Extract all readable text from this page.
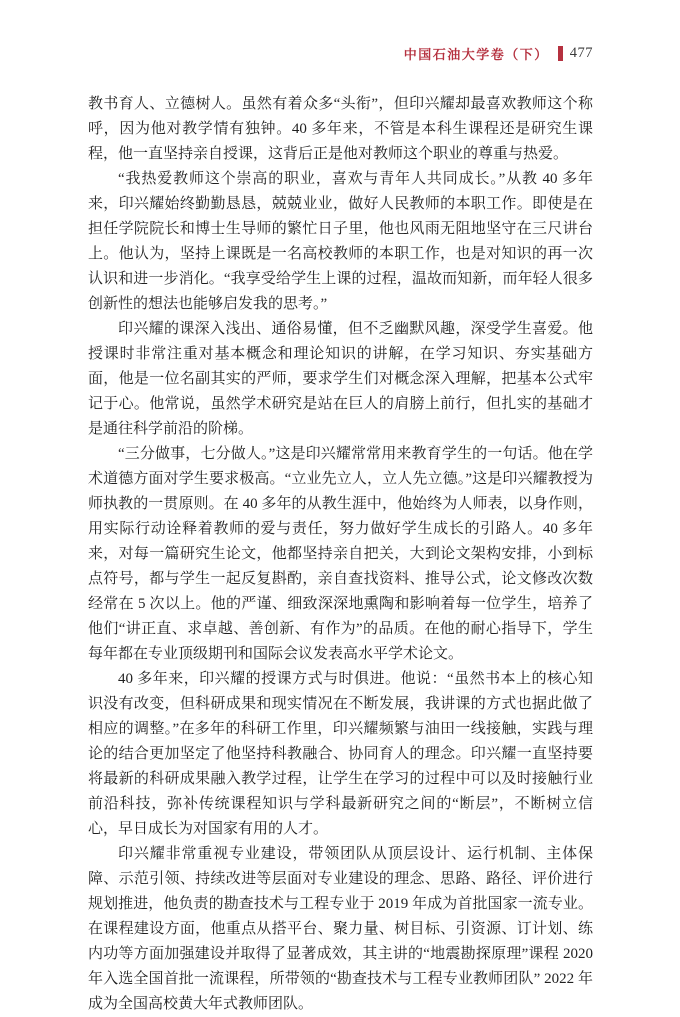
中国石油大学卷（下） 477

教书育人、立德树人。虽然有着众多“头衔”，但印兴耀却最喜欢教师这个称呼，因为他对教学情有独钟。40 多年来，不管是本科生课程还是研究生课程，他一直坚持亲自授课，这背后正是他对教师这个职业的尊重与热爱。

“我热爱教师这个崇高的职业，喜欢与青年人共同成长。”从教 40 多年来，印兴耀始终勤勤恳恳，兢兢业业，做好人民教师的本职工作。即使是在担任学院院长和博士生导师的繁忙日子里，他也风雨无阻地坚守在三尺讲台上。他认为，坚持上课既是一名高校教师的本职工作，也是对知识的再一次认识和进一步消化。“我享受给学生上课的过程，温故而知新，而年轻人很多创新性的想法也能够启发我的思考。”

印兴耀的课深入浅出、通俗易懂，但不乏幽默风趣，深受学生喜爱。他授课时非常注重对基本概念和理论知识的讲解，在学习知识、夯实基础方面，他是一位名副其实的严师，要求学生们对概念深入理解，把基本公式牢记于心。他常说，虽然学术研究是站在巨人的肩膀上前行，但扎实的基础才是通往科学前沿的阶梯。

“三分做事，七分做人。”这是印兴耀常常用来教育学生的一句话。他在学术道德方面对学生要求极高。“立业先立人，立人先立德。”这是印兴耀教授为师执教的一贯原则。在 40 多年的从教生涯中，他始终为人师表，以身作则，用实际行动诠释着教师的爱与责任，努力做好学生成长的引路人。40 多年来，对每一篇研究生论文，他都坚持亲自把关，大到论文架构安排，小到标点符号，都与学生一起反复斟酌，亲自查找资料、推导公式，论文修改次数经常在 5 次以上。他的严谨、细致深深地熏陶和影响着每一位学生，培养了他们“讲正直、求卓越、善创新、有作为”的品质。在他的耐心指导下，学生每年都在专业顶级期刊和国际会议发表高水平学术论文。

40 多年来，印兴耀的授课方式与时俱进。他说：“虽然书本上的核心知识没有改变，但科研成果和现实情况在不断发展，我讲课的方式也据此做了相应的调整。”在多年的科研工作里，印兴耀频繁与油田一线接触，实践与理论的结合更加坚定了他坚持科教融合、协同育人的理念。印兴耀一直坚持要将最新的科研成果融入教学过程，让学生在学习的过程中可以及时接触行业前沿科技，弥补传统课程知识与学科最新研究之间的“断层”，不断树立信心，早日成长为对国家有用的人才。

印兴耀非常重视专业建设，带领团队从顶层设计、运行机制、主体保障、示范引领、持续改进等层面对专业建设的理念、思路、路径、评价进行规划推进，他负责的勘查技术与工程专业于 2019 年成为首批国家一流专业。在课程建设方面，他重点从搭平台、聚力量、树目标、引资源、订计划、练内功等方面加强建设并取得了显著成效，其主讲的“地震勘探原理”课程 2020 年入选全国首批一流课程，所带领的“勘查技术与工程专业教师团队” 2022 年成为全国高校黄大年式教师团队。
